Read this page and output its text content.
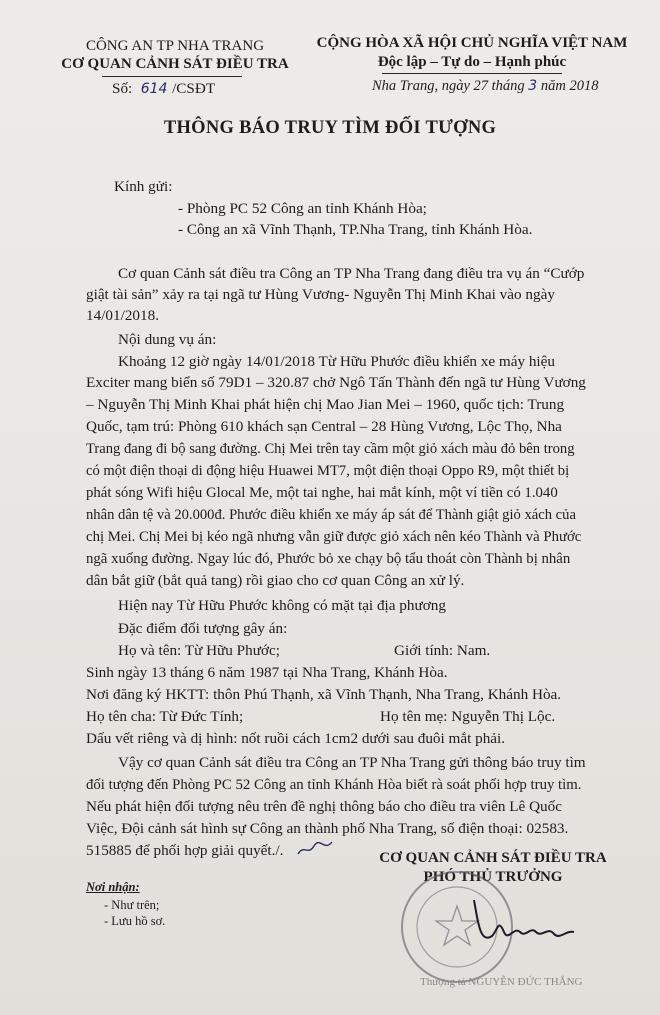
CÔNG AN TP NHA TRANG
CƠ QUAN CẢNH SÁT ĐIỀU TRA
Số: 614 /CSĐT
CỘNG HÒA XÃ HỘI CHỦ NGHĨA VIỆT NAM
Độc lập – Tự do – Hạnh phúc
Nha Trang, ngày 27 tháng 3 năm 2018
THÔNG BÁO TRUY TÌM ĐỐI TƯỢNG
Kính gửi:
- Phòng PC 52 Công an tỉnh Khánh Hòa;
- Công an xã Vĩnh Thạnh, TP.Nha Trang, tỉnh Khánh Hòa.
Cơ quan Cảnh sát điều tra Công an TP Nha Trang đang điều tra vụ án “Cướp
giật tài sản” xảy ra tại ngã tư Hùng Vương- Nguyễn Thị Minh Khai vào ngày
14/01/2018.
Nội dung vụ án:
Khoảng 12 giờ ngày 14/01/2018 Từ Hữu Phước điều khiển xe máy hiệu
Exciter mang biển số 79D1 – 320.87 chở Ngô Tấn Thành đến ngã tư Hùng Vương
– Nguyễn Thị Minh Khai phát hiện chị Mao Jian Mei – 1960, quốc tịch: Trung
Quốc, tạm trú: Phòng 610 khách sạn Central – 28 Hùng Vương, Lộc Thọ, Nha
Trang đang đi bộ sang đường. Chị Mei trên tay cầm một giỏ xách màu đỏ bên trong
có một điện thoại di động hiệu Huawei MT7, một điện thoại Oppo R9, một thiết bị
phát sóng Wifi hiệu Glocal Me, một tai nghe, hai mắt kính, một ví tiền có 1.040
nhân dân tệ và 20.000đ. Phước điều khiển xe máy áp sát để Thành giật giỏ xách của
chị Mei. Chị Mei bị kéo ngã nhưng vẫn giữ được giỏ xách nên kéo Thành và Phước
ngã xuống đường. Ngay lúc đó, Phước bỏ xe chạy bộ tẩu thoát còn Thành bị nhân
dân bắt giữ (bắt quả tang) rồi giao cho cơ quan Công an xử lý.
Hiện nay Từ Hữu Phước không có mặt tại địa phương
Đặc điểm đối tượng gây án:
Họ và tên: Từ Hữu Phước;	Giới tính: Nam.
Sinh ngày 13 tháng 6 năm 1987 tại Nha Trang, Khánh Hòa.
Nơi đăng ký HKTT: thôn Phú Thạnh, xã Vĩnh Thạnh, Nha Trang, Khánh Hòa.
Họ tên cha: Từ Đức Tính;	Họ tên mẹ: Nguyễn Thị Lộc.
Dấu vết riêng và dị hình: nốt ruồi cách 1cm2 dưới sau đuôi mắt phải.
Vậy cơ quan Cảnh sát điều tra Công an TP Nha Trang gửi thông báo truy tìm
đối tượng đến Phòng PC 52 Công an tỉnh Khánh Hòa biết rà soát phối hợp truy tìm.
Nếu phát hiện đối tượng nêu trên đề nghị thông báo cho điều tra viên Lê Quốc
Việc, Đội cảnh sát hình sự Công an thành phố Nha Trang, số điện thoại: 02583.
515885 để phối hợp giải quyết./.	CƠ QUAN CẢNH SÁT ĐIỀU TRA
PHÓ THỦ TRƯỞNG
Thượng tá NGUYỄN ĐỨC THẮNG
Nơi nhận:
- Như trên;
- Lưu hồ sơ.
